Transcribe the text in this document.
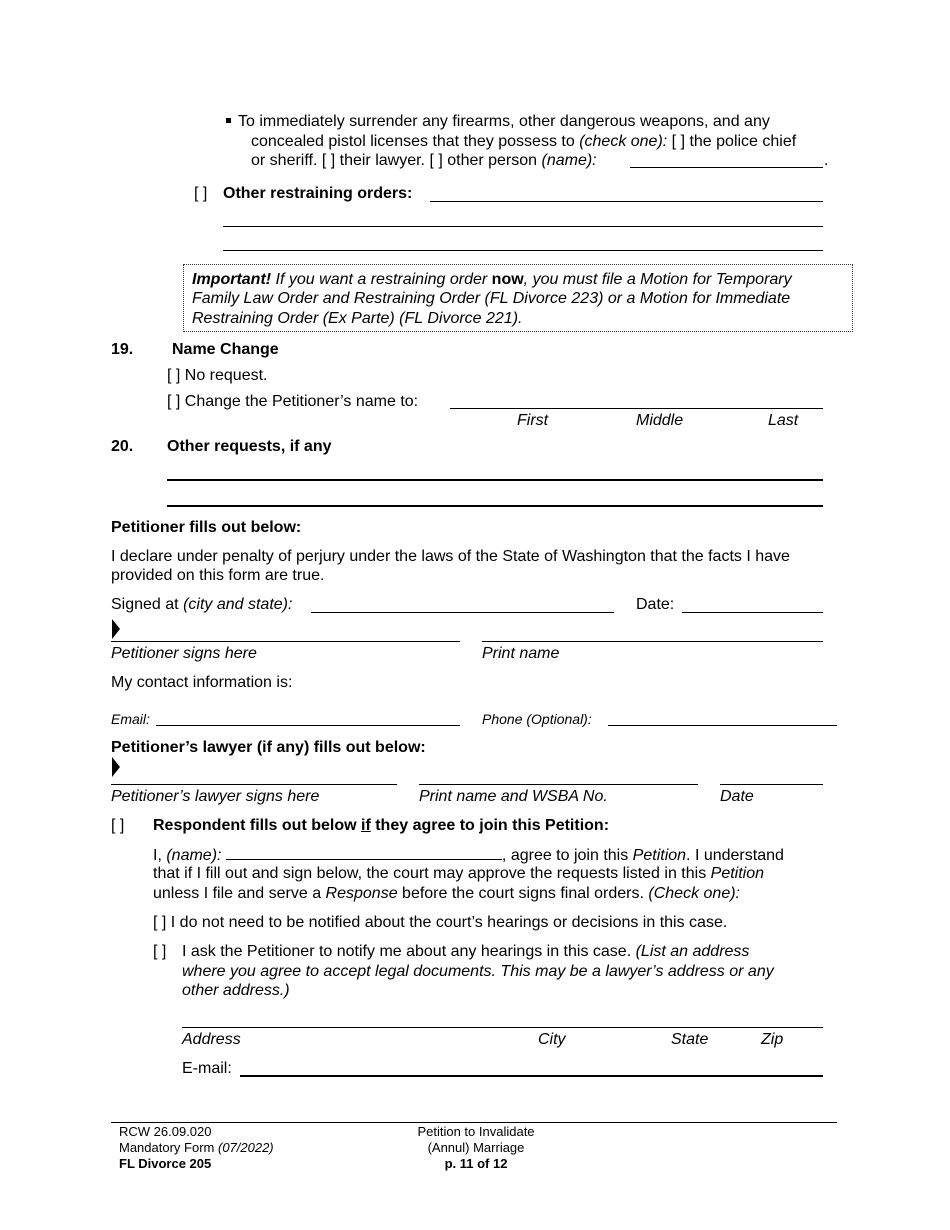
To immediately surrender any firearms, other dangerous weapons, and any
concealed pistol licenses that they possess to (check one): [ ] the police chief
or sheriff. [ ] their lawyer. [ ] other person (name):	.
[ ] Other restraining orders:
Important! If you want a restraining order now, you must file a Motion for Temporary
Family Law Order and Restraining Order (FL Divorce 223) or a Motion for Immediate
Restraining Order (Ex Parte) (FL Divorce 221).
19. Name Change
[ ] No request.
[ ] Change the Petitioner’s name to:
First	Middle	Last
20. Other requests, if any
Petitioner fills out below:
I declare under penalty of perjury under the laws of the State of Washington that the facts I have
provided on this form are true.
Signed at (city and state):	Date:
Petitioner signs here	Print name
My contact information is:
Email:	Phone (Optional):
Petitioner’s lawyer (if any) fills out below:
Petitioner’s lawyer signs here	Print name and WSBA No.	Date
[ ] Respondent fills out below if they agree to join this Petition:
I, (name):	, agree to join this Petition. I understand
that if I fill out and sign below, the court may approve the requests listed in this Petition
unless I file and serve a Response before the court signs final orders. (Check one):
[ ] I do not need to be notified about the court’s hearings or decisions in this case.
[ ] I ask the Petitioner to notify me about any hearings in this case. (List an address
where you agree to accept legal documents. This may be a lawyer’s address or any
other address.)
Address	City	State	Zip
E-mail:
RCW 26.09.020
Mandatory Form (07/2022)
FL Divorce 205
Petition to Invalidate
(Annul) Marriage
p. 11 of 12
